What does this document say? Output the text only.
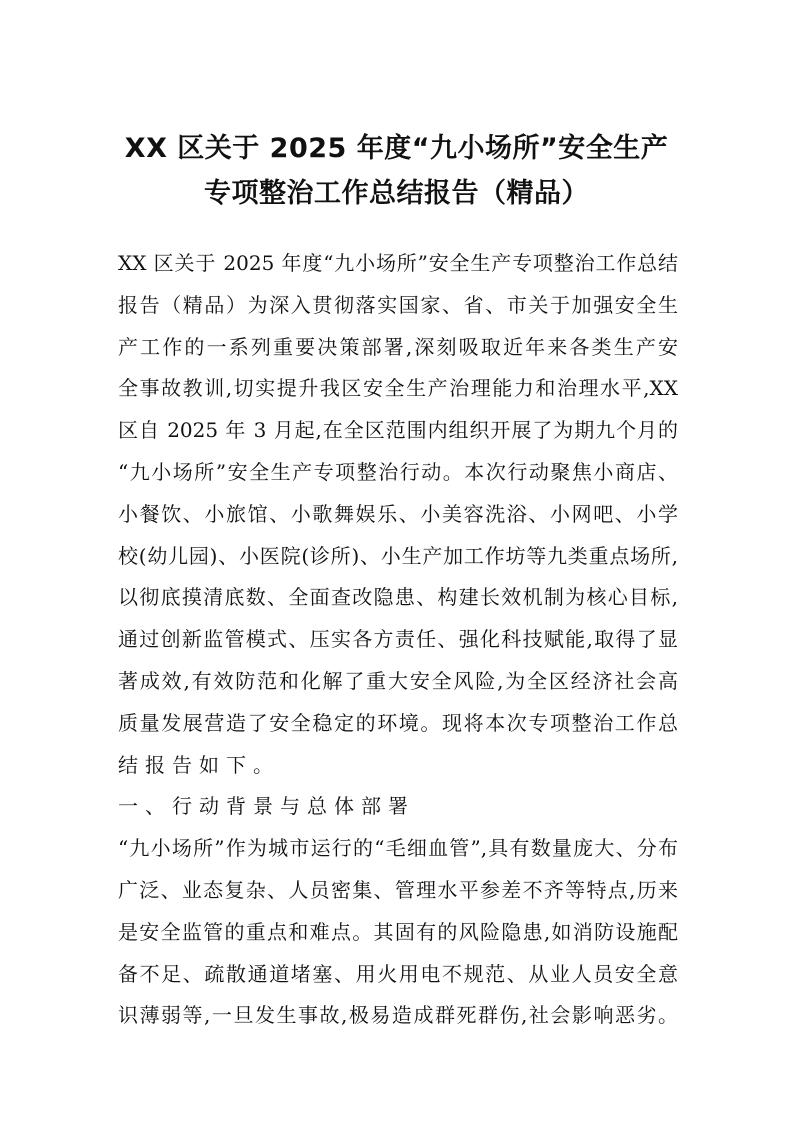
XX 区关于 2025 年度“九小场所”安全生产
专项整治工作总结报告（精品）
XX 区关于 2025 年度“九小场所”安全生产专项整治工作总结
报告（精品）为深入贯彻落实国家、省、市关于加强安全生
产工作的一系列重要决策部署,深刻吸取近年来各类生产安
全事故教训,切实提升我区安全生产治理能力和治理水平,XX
区自 2025 年 3 月起,在全区范围内组织开展了为期九个月的
“九小场所”安全生产专项整治行动。本次行动聚焦小商店、
小餐饮、小旅馆、小歌舞娱乐、小美容洗浴、小网吧、小学
校(幼儿园)、小医院(诊所)、小生产加工作坊等九类重点场所,
以彻底摸清底数、全面查改隐患、构建长效机制为核心目标,
通过创新监管模式、压实各方责任、强化科技赋能,取得了显
著成效,有效防范和化解了重大安全风险,为全区经济社会高
质量发展营造了安全稳定的环境。现将本次专项整治工作总
结报告如下。
一、行动背景与总体部署
“九小场所”作为城市运行的“毛细血管”,具有数量庞大、分布
广泛、业态复杂、人员密集、管理水平参差不齐等特点,历来
是安全监管的重点和难点。其固有的风险隐患,如消防设施配
备不足、疏散通道堵塞、用火用电不规范、从业人员安全意
识薄弱等,一旦发生事故,极易造成群死群伤,社会影响恶劣。
